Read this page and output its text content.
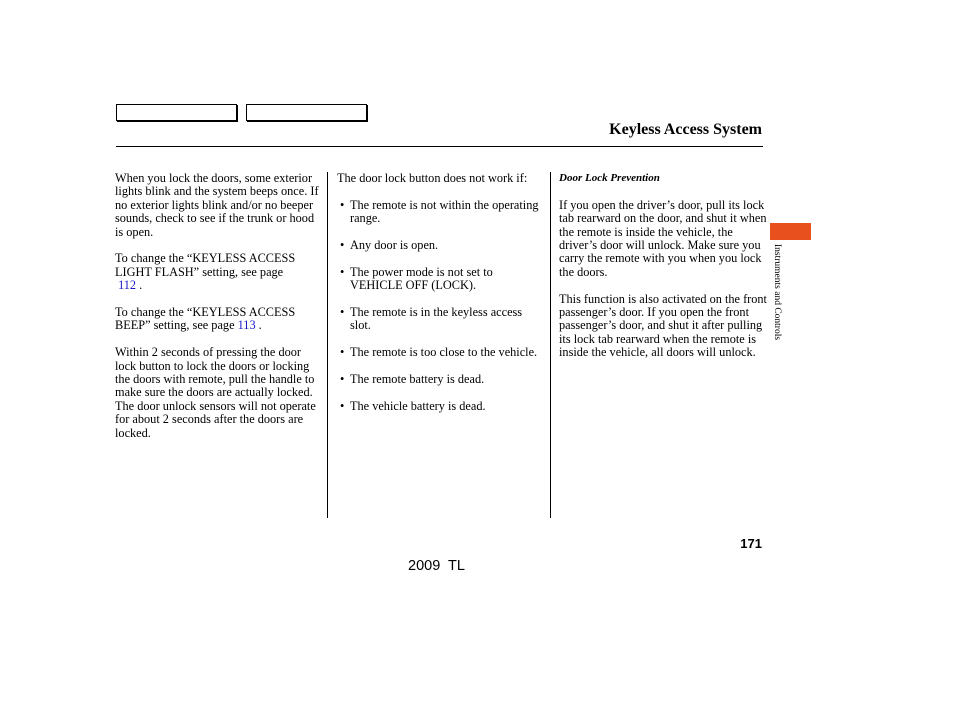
Keyless Access System

When you lock the doors, some exterior lights blink and the system beeps once. If no exterior lights blink and/or no beeper sounds, check to see if the trunk or hood is open.

To change the “KEYLESS ACCESS LIGHT FLASH” setting, see page
112 .

To change the “KEYLESS ACCESS BEEP” setting, see page 113 .

Within 2 seconds of pressing the door lock button to lock the doors or locking the doors with remote, pull the handle to make sure the doors are actually locked. The door unlock sensors will not operate for about 2 seconds after the doors are locked.

The door lock button does not work if:

• The remote is not within the operating range.
• Any door is open.
• The power mode is not set to VEHICLE OFF (LOCK).
• The remote is in the keyless access slot.
• The remote is too close to the vehicle.
• The remote battery is dead.
• The vehicle battery is dead.

Door Lock Prevention

If you open the driver’s door, pull its lock tab rearward on the door, and shut it when the remote is inside the vehicle, the driver’s door will unlock. Make sure you carry the remote with you when you lock the doors.

This function is also activated on the front passenger’s door. If you open the front passenger’s door, and shut it after pulling its lock tab rearward when the remote is inside the vehicle, all doors will unlock.

Instruments and Controls
171
2009  TL
